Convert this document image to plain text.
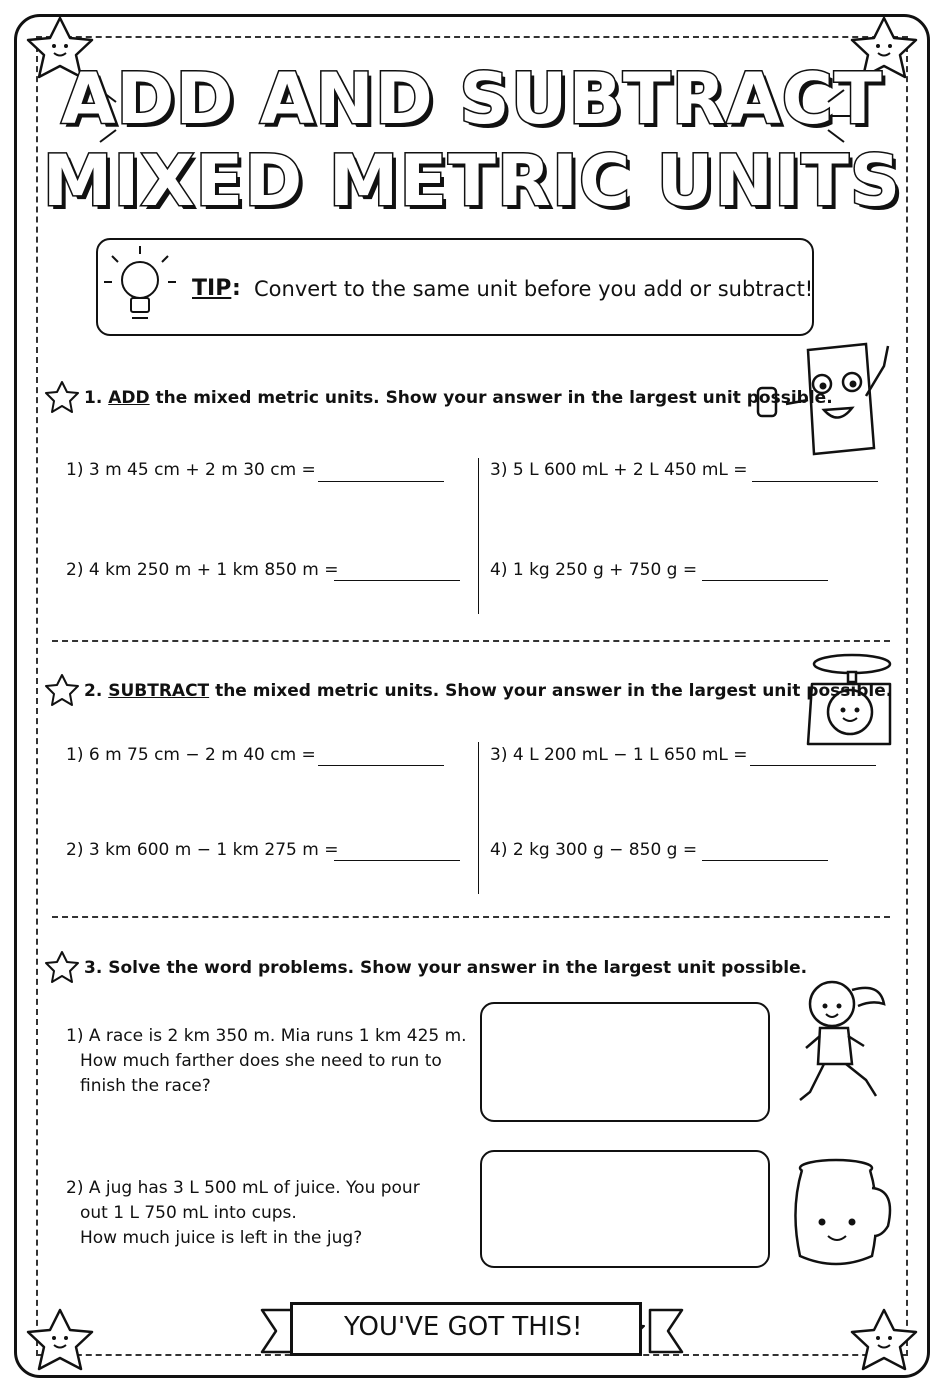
ADD AND SUBTRACT
MIXED METRIC UNITS
TIP : Convert to the same unit before you add or subtract!
1. ADD the mixed metric units. Show your answer in the largest unit possible.
1) 3 m 45 cm + 2 m 30 cm =
2) 4 km 250 m + 1 km 850 m =
3) 5 L 600 mL + 2 L 450 mL =
4) 1 kg 250 g + 750 g =
2. SUBTRACT the mixed metric units. Show your answer in the largest unit possible.
1) 6 m 75 cm − 2 m 40 cm =
2) 3 km 600 m − 1 km 275 m =
3) 4 L 200 mL − 1 L 650 mL =
4) 2 kg 300 g − 850 g =
3. Solve the word problems. Show your answer in the largest unit possible.
1) A race is 2 km 350 m. Mia runs 1 km 425 m.
How much farther does she need to run to
finish the race?
2) A jug has 3 L 500 mL of juice. You pour
out 1 L 750 mL into cups.
How much juice is left in the jug?
YOU'VE GOT THIS!
